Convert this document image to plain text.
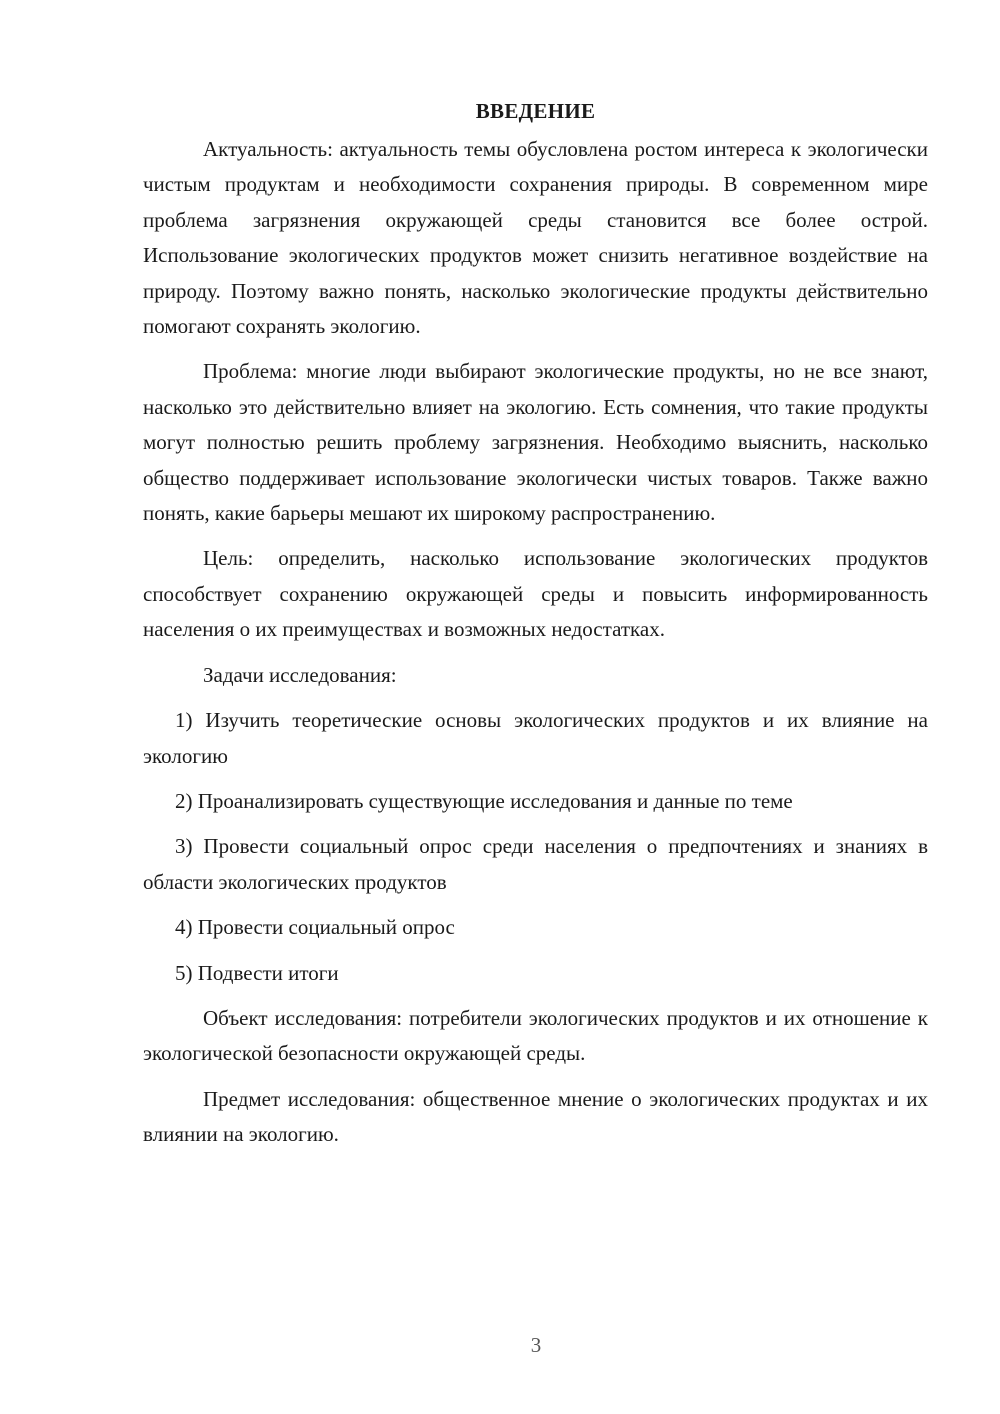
ВВЕДЕНИЕ

Актуальность: актуальность темы обусловлена ростом интереса к экологически чистым продуктам и необходимости сохранения природы. В современном мире проблема загрязнения окружающей среды становится все более острой. Использование экологических продуктов может снизить негативное воздействие на природу. Поэтому важно понять, насколько экологические продукты действительно помогают сохранять экологию.

Проблема: многие люди выбирают экологические продукты, но не все знают, насколько это действительно влияет на экологию. Есть сомнения, что такие продукты могут полностью решить проблему загрязнения. Необходимо выяснить, насколько общество поддерживает использование экологически чистых товаров. Также важно понять, какие барьеры мешают их широкому распространению.

Цель: определить, насколько использование экологических продуктов способствует сохранению окружающей среды и повысить информированность населения о их преимуществах и возможных недостатках.

Задачи исследования:

1) Изучить теоретические основы экологических продуктов и их влияние на экологию

2) Проанализировать существующие исследования и данные по теме

3) Провести социальный опрос среди населения о предпочтениях и знаниях в области экологических продуктов

4) Провести социальный опрос

5) Подвести итоги

Объект исследования: потребители экологических продуктов и их отношение к экологической безопасности окружающей среды.

Предмет исследования: общественное мнение о экологических продуктах и их влиянии на экологию.

3
